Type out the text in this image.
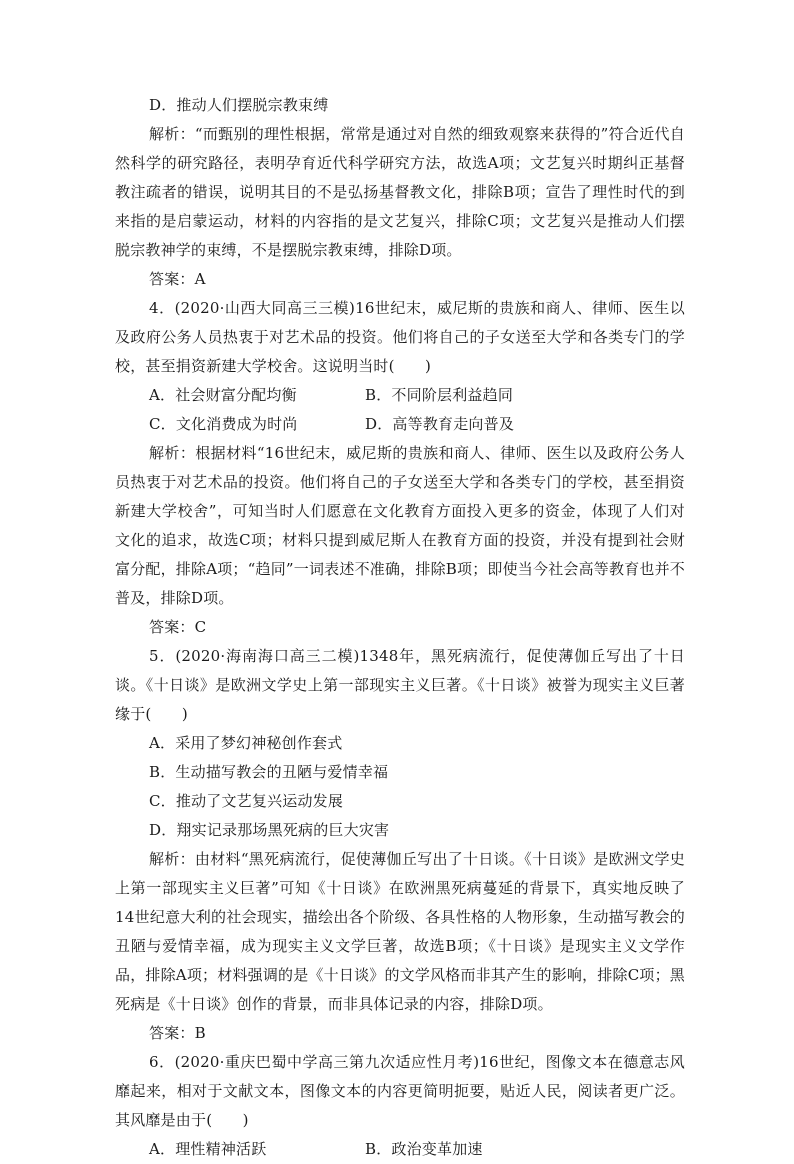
D．推动人们摆脱宗教束缚

解析：“而甄别的理性根据，常常是通过对自然的细致观察来获得的”符合近代自然科学的研究路径，表明孕育近代科学研究方法，故选A项；文艺复兴时期纠正基督教注疏者的错误，说明其目的不是弘扬基督教文化，排除B项；宣告了理性时代的到来指的是启蒙运动，材料的内容指的是文艺复兴，排除C项；文艺复兴是推动人们摆脱宗教神学的束缚，不是摆脱宗教束缚，排除D项。

答案：A

4．(2020·山西大同高三三模)16世纪末，威尼斯的贵族和商人、律师、医生以及政府公务人员热衷于对艺术品的投资。他们将自己的子女送至大学和各类专门的学校，甚至捐资新建大学校舍。这说明当时(　　)

A．社会财富分配均衡	B．不同阶层利益趋同
C．文化消费成为时尚	D．高等教育走向普及

解析：根据材料“16世纪末，威尼斯的贵族和商人、律师、医生以及政府公务人员热衷于对艺术品的投资。他们将自己的子女送至大学和各类专门的学校，甚至捐资新建大学校舍”，可知当时人们愿意在文化教育方面投入更多的资金，体现了人们对文化的追求，故选C项；材料只提到威尼斯人在教育方面的投资，并没有提到社会财富分配，排除A项；“趋同”一词表述不准确，排除B项；即使当今社会高等教育也并不普及，排除D项。

答案：C

5．(2020·海南海口高三二模)1348年，黑死病流行，促使薄伽丘写出了十日谈。《十日谈》是欧洲文学史上第一部现实主义巨著。《十日谈》被誉为现实主义巨著缘于(　　)

A．采用了梦幻神秘创作套式
B．生动描写教会的丑陋与爱情幸福
C．推动了文艺复兴运动发展
D．翔实记录那场黑死病的巨大灾害

解析：由材料“黑死病流行，促使薄伽丘写出了十日谈。《十日谈》是欧洲文学史上第一部现实主义巨著”可知《十日谈》在欧洲黑死病蔓延的背景下，真实地反映了14世纪意大利的社会现实，描绘出各个阶级、各具性格的人物形象，生动描写教会的丑陋与爱情幸福，成为现实主义文学巨著，故选B项；《十日谈》是现实主义文学作品，排除A项；材料强调的是《十日谈》的文学风格而非其产生的影响，排除C项；黑死病是《十日谈》创作的背景，而非具体记录的内容，排除D项。

答案：B

6．(2020·重庆巴蜀中学高三第九次适应性月考)16世纪，图像文本在德意志风靡起来，相对于文献文本，图像文本的内容更简明扼要，贴近人民，阅读者更广泛。其风靡是由于(　　)

A．理性精神活跃	B．政治变革加速
